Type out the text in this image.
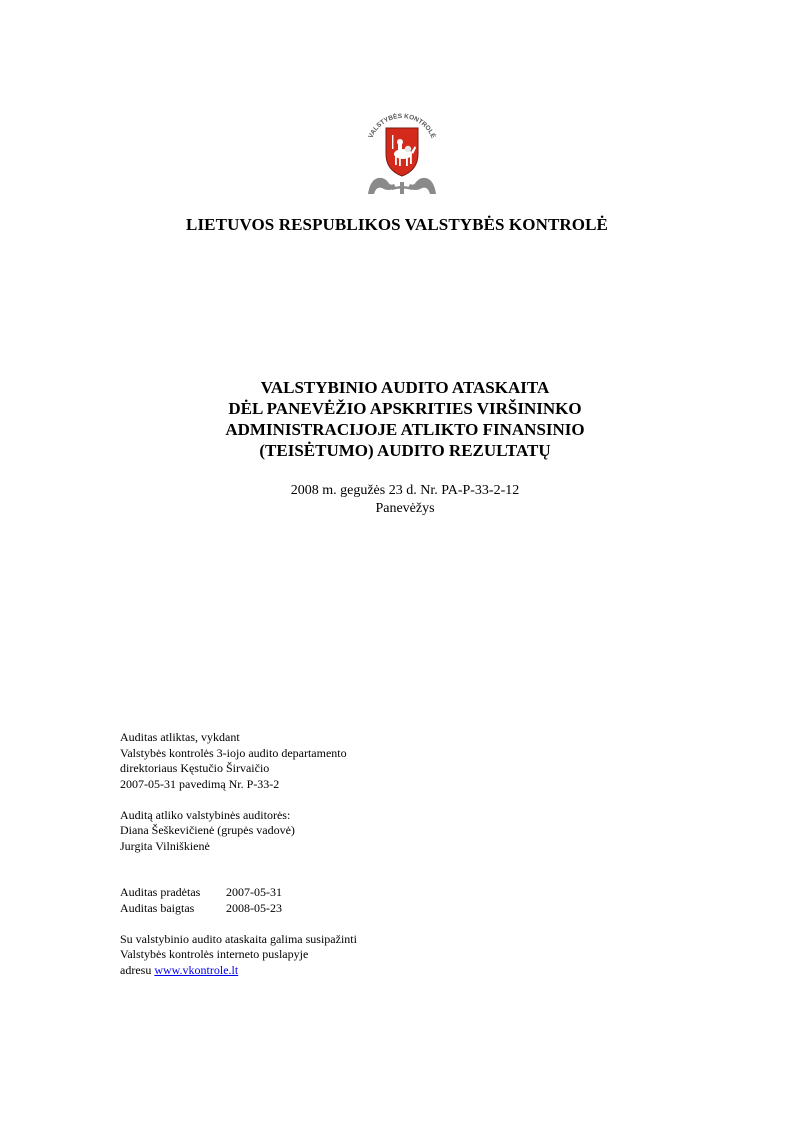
VALSTYBĖS KONTROLĖ
LIETUVOS RESPUBLIKOS VALSTYBĖS KONTROLĖ
VALSTYBINIO AUDITO ATASKAITA
DĖL PANEVĖŽIO APSKRITIES VIRŠININKO
ADMINISTRACIJOJE ATLIKTO FINANSINIO
(TEISĖTUMO) AUDITO REZULTATŲ
2008 m. gegužės 23 d. Nr. PA-P-33-2-12
Panevėžys
Auditas atliktas, vykdant
Valstybės kontrolės 3-iojo audito departamento
direktoriaus Kęstučio Širvaičio
2007-05-31 pavedimą Nr. P-33-2
Auditą atliko valstybinės auditorės:
Diana Šeškevičienė (grupės vadovė)
Jurgita Vilniškienė
Auditas pradėtas 2007-05-31
Auditas baigtas	2008-05-23
Su valstybinio audito ataskaita galima susipažinti
Valstybės kontrolės interneto puslapyje
adresu www.vkontrole.lt
